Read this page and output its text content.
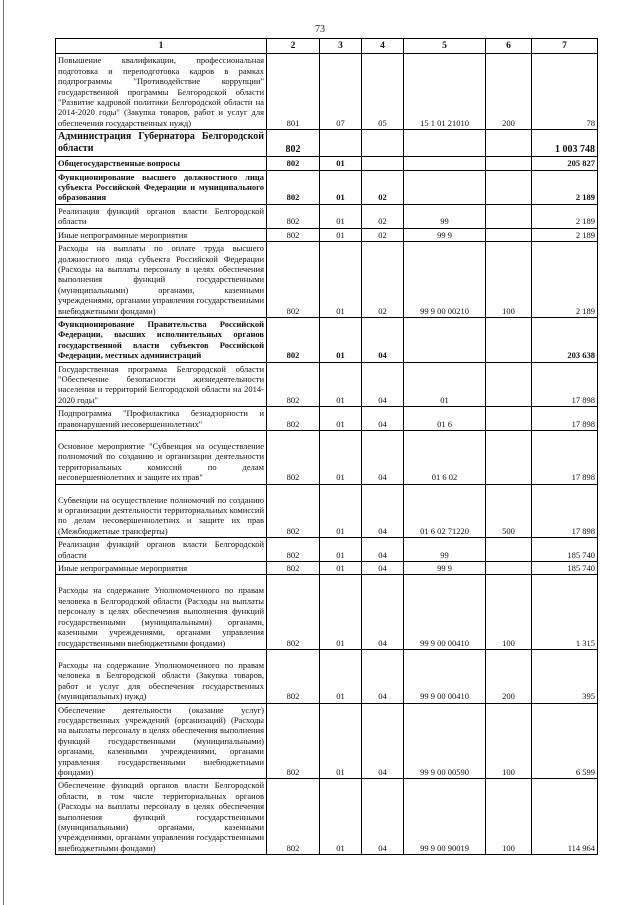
73
1	2	3	4	5	6	7
Повышение квалификации, профессиональная подготовка и переподготовка кадров в рамках подпрограммы "Противодействие коррупции" государственной программы Белгородской области "Развитие кадровой политики Белгородской области на 2014-2020 годы" (Закупка товаров, работ и услуг для обеспечения государственных нужд)	801	07	05	15 1 01 21010	200	78
Администрация Губернатора Белгородской области	802					1 003 748
Общегосударственные вопросы	802	01				205 827
Функционирование высшего должностного лица субъекта Российской Федерации и муниципального образования	802	01	02			2 189
Реализация функций органов власти Белгородской области	802	01	02	99		2 189
Иные непрограммные мероприятия	802	01	02	99 9		2 189
Расходы на выплаты по оплате труда высшего должностного лица субъекта Российской Федерации (Расходы на выплаты персоналу в целях обеспечения выполнения функций государственными (муниципальными) органами, казенными учреждениями, органами управления государственными внебюджетными фондами)	802	01	02	99 9 00 00210	100	2 189
Функционирование Правительства Российской Федерации, высших исполнительных органов государственной власти субъектов Российской Федерации, местных администраций	802	01	04			203 638
Государственная программа Белгородской области "Обеспечение безопасности жизнедеятельности населения и территорий Белгородской области на 2014-2020 годы"	802	01	04	01		17 898
Подпрограмма "Профилактика безнадзорности и правонарушений несовершеннолетних"	802	01	04	01 6		17 898
Основное мероприятие "Субвенция на осуществление полномочий по созданию и организации деятельности территориальных комиссий по делам несовершеннолетних и защите их прав"	802	01	04	01 6 02		17 898
Субвенции на осуществление полномочий по созданию и организации деятельности территориальных комиссий по делам несовершеннолетних и защите их прав (Межбюджетные трансферты)	802	01	04	01 6 02 71220	500	17 898
Реализация функций органов власти Белгородской области	802	01	04	99		185 740
Иные непрограммные мероприятия	802	01	04	99 9		185 740
Расходы на содержание Уполномоченного по правам человека в Белгородской области (Расходы на выплаты персоналу в целях обеспечения выполнения функций государственными (муниципальными) органами, казенными учреждениями, органами управления государственными внебюджетными фондами)	802	01	04	99 9 00 00410	100	1 315
Расходы на содержание Уполномоченного по правам человека в Белгородской области (Закупка товаров, работ и услуг для обеспечения государственных (муниципальных) нужд)	802	01	04	99 9 00 00410	200	395
Обеспечение деятельности (оказание услуг) государственных учреждений (организаций) (Расходы на выплаты персоналу в целях обеспечения выполнения функций государственными (муниципальными) органами, казенными учреждениями, органами управления государственными внебюджетными фондами)	802	01	04	99 9 00 00590	100	6 599
Обеспечение функций органов власти Белгородской области, в том числе территориальных органов (Расходы на выплаты персоналу в целях обеспечения выполнения функций государственными (муниципальными) органами, казенными учреждениями, органами управления государственными внебюджетными фондами)	802	01	04	99 9 00 90019	100	114 964
